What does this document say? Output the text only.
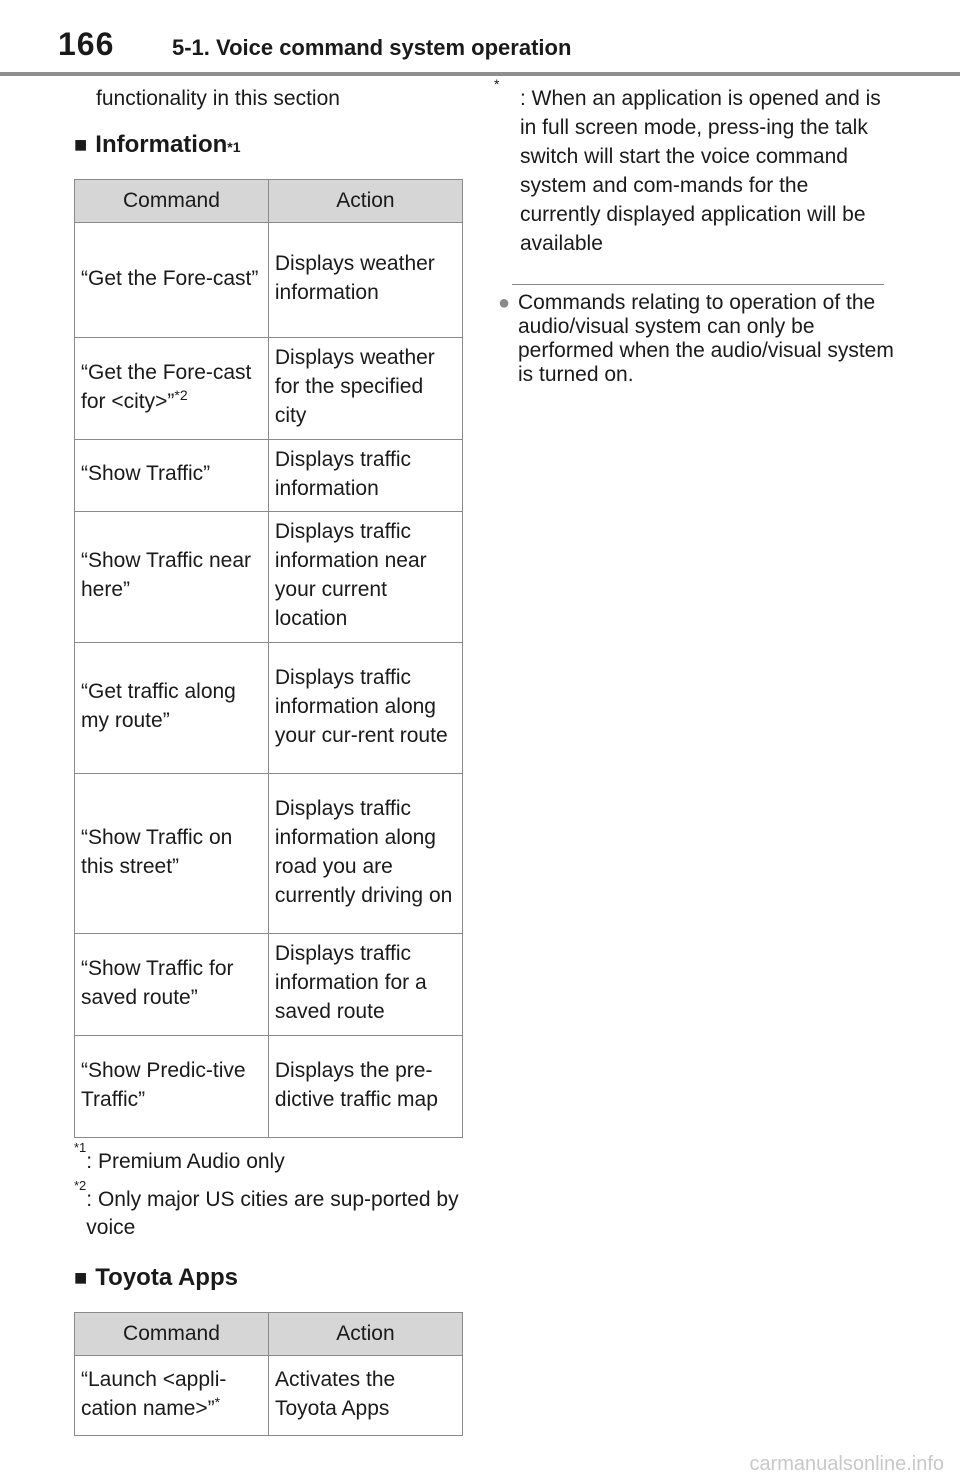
166	5-1. Voice command system operation
functionality in this section
■ Information *1
Command	Action
“Get the Fore-cast”	Displays weather information
“Get the Fore-cast for <city>”$^{*2}$	Displays weather for the specified city
“Show Traffic”	Displays traffic information
“Show Traffic near here”	Displays traffic information near your current location
“Get traffic along my route”	Displays traffic information along your cur-rent route
“Show Traffic on this street”	Displays traffic information along road you are currently driving on
“Show Traffic for saved route”	Displays traffic information for a saved route
“Show Predic-tive Traffic”	Displays the pre-dictive traffic map
*1
: Premium Audio only
*2
: Only major US cities are sup-ported by voice
■ Toyota Apps
Command	Action
“Launch <appli-cation name>”*	Activates the Toyota Apps
*
: When an application is opened and is in full screen mode, press-ing the talk switch will start the voice command system and com-mands for the currently displayed application will be available
● Commands relating to operation of the audio/visual system can only be performed when the audio/visual system is turned on.
carmanualsonline.info
